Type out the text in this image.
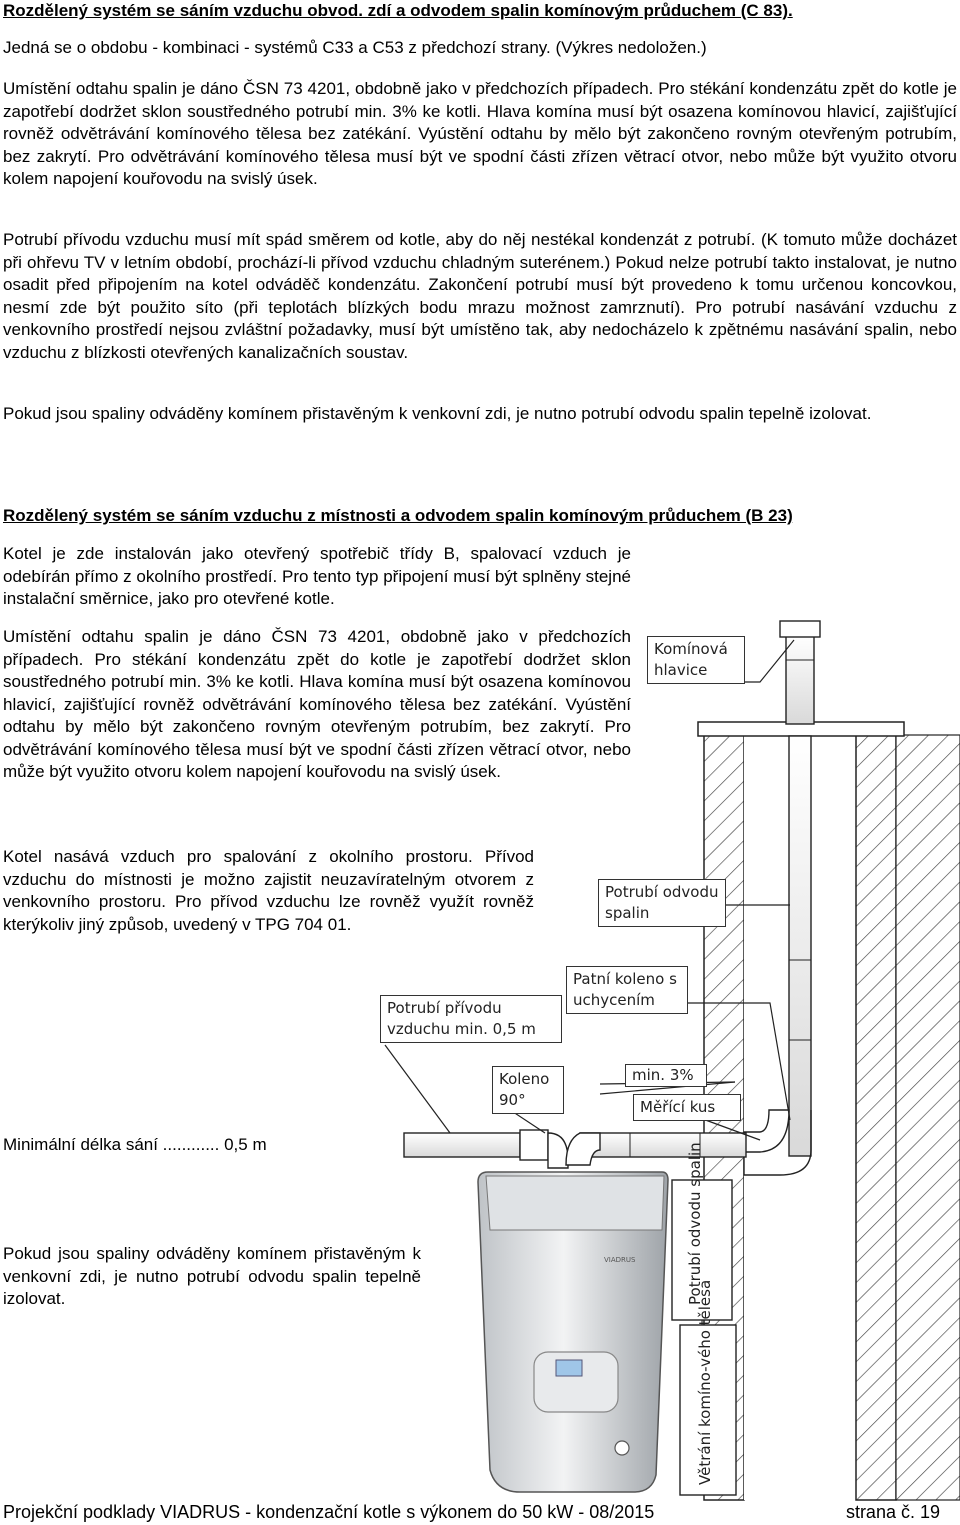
Rozdělený systém se sáním vzduchu obvod. zdí a odvodem spalin komínovým průduchem (C 83).
Jedná se o obdobu - kombinaci - systémů C33 a C53 z předchozí strany. (Výkres nedoložen.)
Umístění odtahu spalin je dáno ČSN 73 4201, obdobně jako v předchozích případech. Pro stékání kondenzátu zpět do kotle je zapotřebí dodržet sklon soustředného potrubí min. 3% ke kotli. Hlava komína musí být osazena komínovou hlavicí, zajišťující rovněž odvětrávání komínového tělesa bez zatékání. Vyústění odtahu by mělo být zakončeno rovným otevřeným potrubím, bez zakrytí. Pro odvětrávání komínového tělesa musí být ve spodní části zřízen větrací otvor, nebo může být využito otvoru kolem napojení kouřovodu na svislý úsek.
Potrubí přívodu vzduchu musí mít spád směrem od kotle, aby do něj nestékal kondenzát z potrubí. (K tomuto může docházet při ohřevu TV v letním období, prochází-li přívod vzduchu chladným suterénem.) Pokud nelze potrubí takto instalovat, je nutno osadit před připojením na kotel odváděč kondenzátu. Zakončení potrubí musí být provedeno k tomu určenou koncovkou, nesmí zde být použito síto (při teplotách blízkých bodu mrazu možnost zamrznutí). Pro potrubí nasávání vzduchu z venkovního prostředí nejsou zvláštní požadavky, musí být umístěno tak, aby nedocházelo k zpětnému nasávání spalin, nebo vzduchu z blízkosti otevřených kanalizačních soustav.
Pokud jsou spaliny odváděny komínem přistavěným k venkovní zdi, je nutno potrubí odvodu spalin tepelně izolovat.
Rozdělený systém se sáním vzduchu z místnosti a odvodem spalin komínovým průduchem (B 23)
Kotel je zde instalován jako otevřený spotřebič třídy B, spalovací vzduch je odebírán přímo z okolního prostředí. Pro tento typ připojení musí být splněny stejné instalační směrnice, jako pro otevřené kotle.
Umístění odtahu spalin je dáno ČSN 73 4201, obdobně jako v předchozích případech. Pro stékání kondenzátu zpět do kotle je zapotřebí dodržet sklon soustředného potrubí min. 3% ke kotli. Hlava komína musí být osazena komínovou hlavicí, zajišťující rovněž odvětrávání komínového tělesa bez zatékání. Vyústění odtahu by mělo být zakončeno rovným otevřeným potrubím, bez zakrytí. Pro odvětrávání komínového tělesa musí být ve spodní části zřízen větrací otvor, nebo může být využito otvoru kolem napojení kouřovodu na svislý úsek.
Kotel nasává vzduch pro spalování z okolního prostoru. Přívod vzduchu do místnosti je možno zajistit neuzavíratelným otvorem z venkovního prostoru. Pro přívod vzduchu lze rovněž využít rovněž kterýkoliv jiný způsob, uvedený v TPG 704 01.
Minimální délka sání ............ 0,5 m
Pokud jsou spaliny odváděny komínem přistavěným k venkovní zdi, je nutno potrubí odvodu spalin tepelně izolovat.
VIADRUS	Potrubí odvodu spalin
Větrání komíno-vého tělesa
Komínová hlavice
Potrubí odvodu spalin
Patní koleno s uchycením
Potrubí přívodu vzduchu min. 0,5 m
Koleno 90°
min. 3%
Měřící kus
Projekční podklady VIADRUS - kondenzační kotle s výkonem do 50 kW - 08/2015	strana č. 19
